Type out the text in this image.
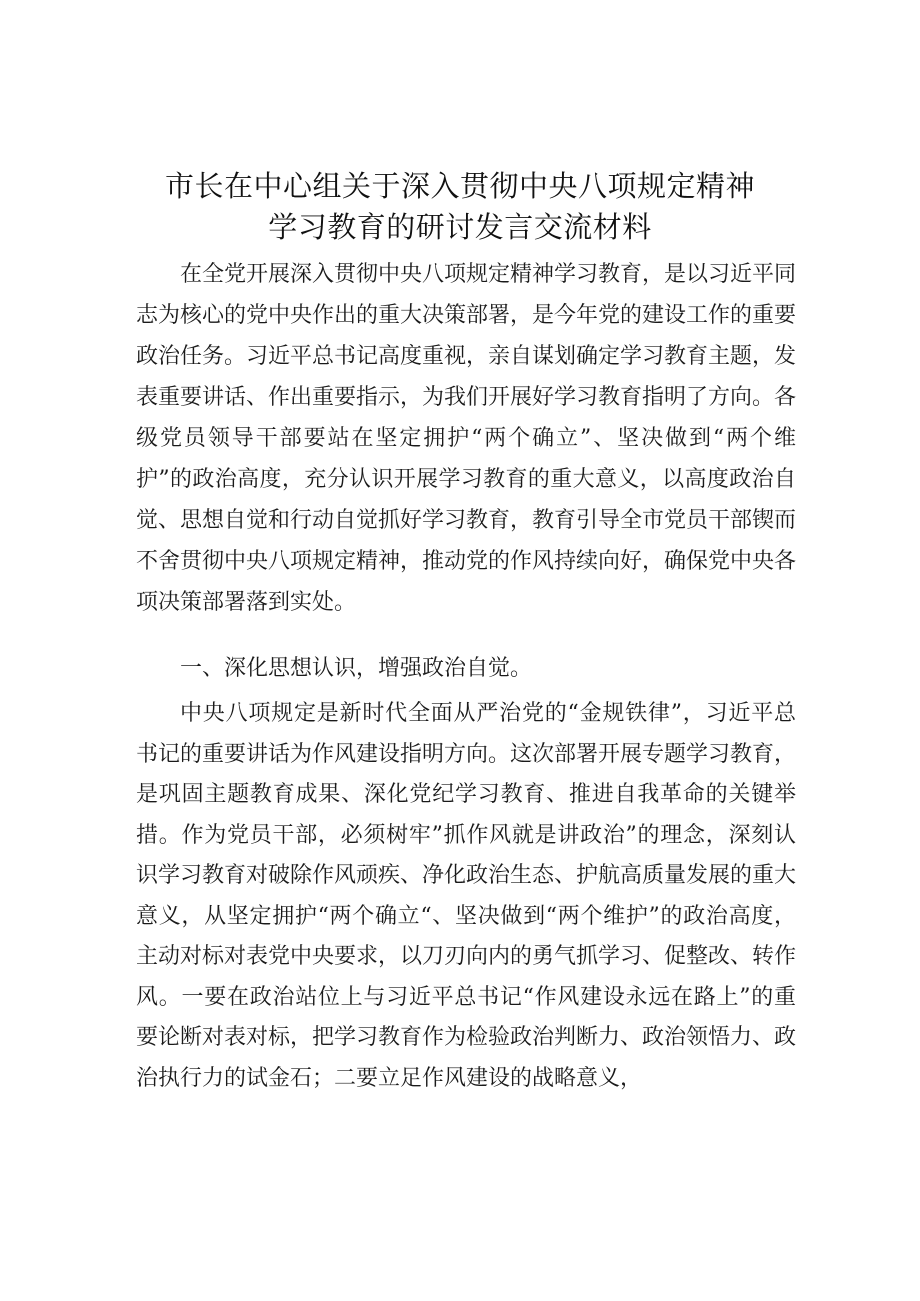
市长在中心组关于深入贯彻中央八项规定精神
学习教育的研讨发言交流材料
在全党开展深入贯彻中央八项规定精神学习教育，是以习近平同志为核心的党中央作出的重大决策部署，是今年党的建设工作的重要政治任务。习近平总书记高度重视，亲自谋划确定学习教育主题，发表重要讲话、作出重要指示，为我们开展好学习教育指明了方向。各级党员领导干部要站在坚定拥护“两个确立”、坚决做到“两个维护”的政治高度，充分认识开展学习教育的重大意义，以高度政治自觉、思想自觉和行动自觉抓好学习教育，教育引导全市党员干部锲而不舍贯彻中央八项规定精神，推动党的作风持续向好，确保党中央各项决策部署落到实处。
一、深化思想认识，增强政治自觉。
中央八项规定是新时代全面从严治党的“金规铁律”，习近平总书记的重要讲话为作风建设指明方向。这次部署开展专题学习教育，是巩固主题教育成果、深化党纪学习教育、推进自我革命的关键举措。作为党员干部，必须树牢”抓作风就是讲政治”的理念，深刻认识学习教育对破除作风顽疾、净化政治生态、护航高质量发展的重大意义，从坚定拥护“两个确立“、坚决做到“两个维护”的政治高度，主动对标对表党中央要求，以刀刃向内的勇气抓学习、促整改、转作风。一要在政治站位上与习近平总书记“作风建设永远在路上”的重要论断对表对标，把学习教育作为检验政治判断力、政治领悟力、政治执行力的试金石；二要立足作风建设的战略意义，
